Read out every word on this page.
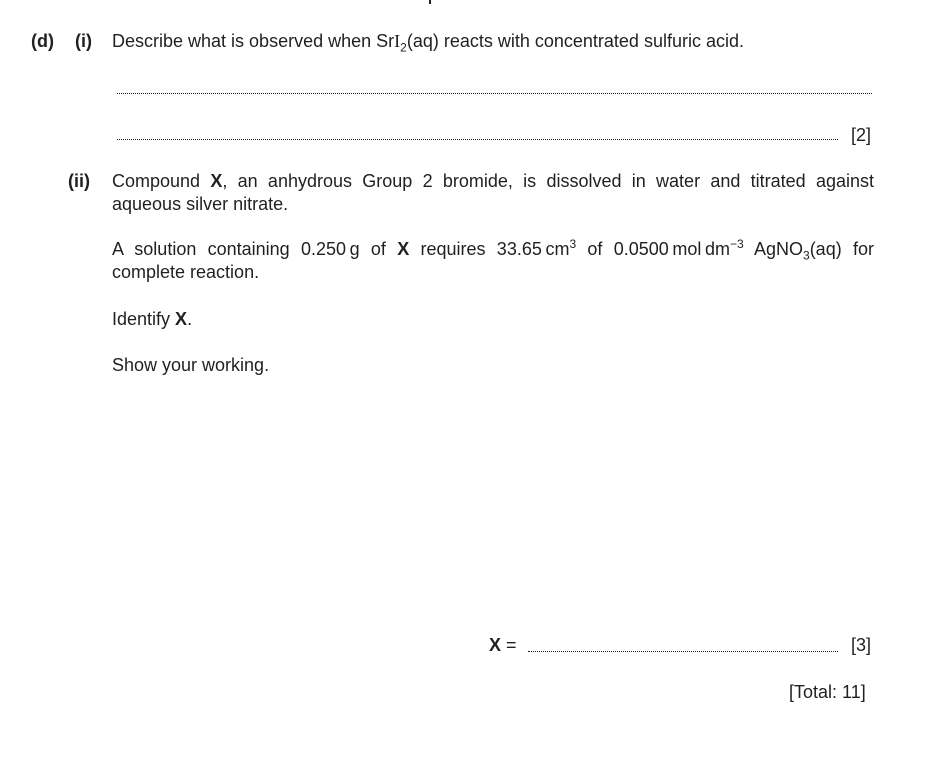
(d) (i) Describe what is observed when SrI$_2$(aq) reacts with concentrated sulfuric acid.
[2]
(ii) Compound X, an anhydrous Group 2 bromide, is dissolved in water and titrated against aqueous silver nitrate.
A solution containing 0.250 g of X requires 33.65 $cm^3$ of 0.0500 mol $dm^{-3}$ AgNO$_3$(aq) for complete reaction.
Identify X.
Show your working.
X =	[3]
[Total: 11]
